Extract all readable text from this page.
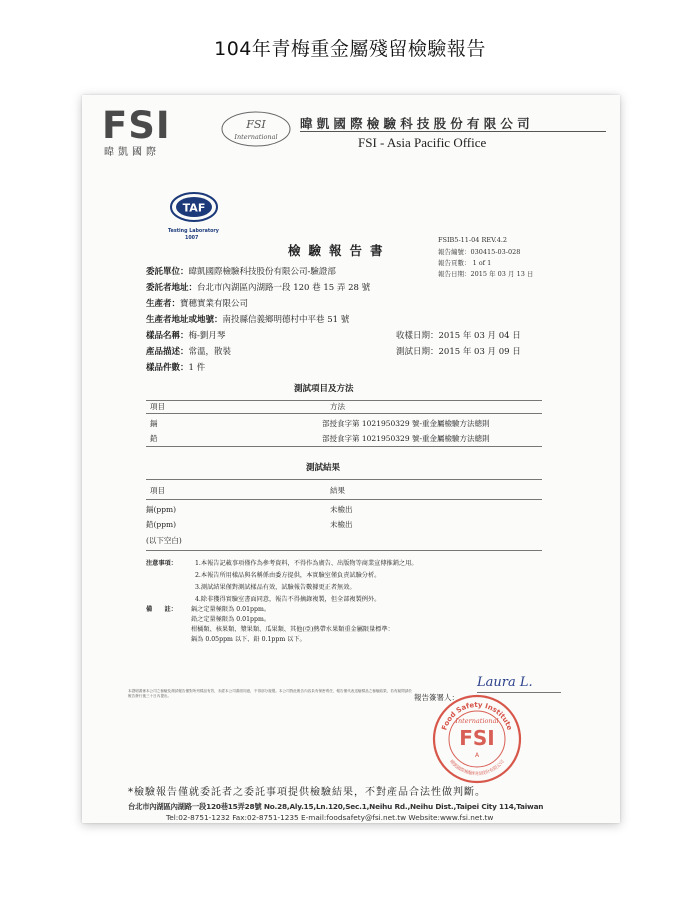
104年青梅重金屬殘留檢驗報告
FSI
暐凱國際
FSI
International
暐凱國際檢驗科技股份有限公司
FSI - Asia Pacific Office
TAF
Testing Laboratory
1007
檢驗報告書
FSIB5-11-04 REV.4.2
報告編號：030415-03-028
報告頁數： 1 of 1
報告日期：2015 年 03 月 13 日
委託單位：暐凱國際檢驗科技股份有限公司-驗證部
委託者地址：台北市內湖區內湖路一段 120 巷 15 弄 28 號
生產者：寶穗實業有限公司
生產者地址或地號：南投縣信義鄉明德村中平巷 51 號
樣品名稱：梅-劉月琴
產品描述：常溫，散裝
樣品件數：1 件
收樣日期：2015 年 03 月 04 日
測試日期：2015 年 03 月 09 日
測試項目及方法
項目	方法
鎘	部授食字第 1021950329 號-重金屬檢驗方法總則
鉛	部授食字第 1021950329 號-重金屬檢驗方法總則
測試結果
項目	結果
鎘(ppm)	未檢出
鉛(ppm)	未檢出
(以下空白)
注意事項：	1.本報告記載事項僅作為參考資料，不得作為廣告、出版物等商業宣傳推銷之用。
2.本報告所用樣品與名稱係由委方提供，本實驗室僅負責試驗分析。
3.測試結果僅對測試樣品有效，試驗報告數據更正者無效。
4.除非獲得實驗室書面同意，報告不得摘錄複製，但全部複製例外。
備　　註： 鎘之定量極限為 0.01ppm。
鉛之定量極限為 0.01ppm。
柑橘類、核果類、漿果類、瓜果類、其他(亞)熱帶水果類重金屬限量標準：
鎘為 0.05ppm 以下、鉛 0.1ppm 以下。
本證明書係本公司之檢驗及測試報告僅對所列樣品有效，未經本公司書面同意，不得部分複製。本公司對此報告內容負有保密責任，報告僅代表送驗樣品之檢驗結果，若有疑問請於報告發行後三十日內提出。	報告簽署人：
Laura L.
Food Safety Institute
International
FSI
A
暐凱國際檢驗科技股份有限公司
*檢驗報告僅就委託者之委託事項提供檢驗結果，不對產品合法性做判斷。
台北市內湖區內湖路一段120巷15弄28號 No.28,Aly.15,Ln.120,Sec.1,Neihu Rd.,Neihu Dist.,Taipei City 114,Taiwan
Tel:02-8751-1232 Fax:02-8751-1235 E-mail:foodsafety@fsi.net.tw Website:www.fsi.net.tw
